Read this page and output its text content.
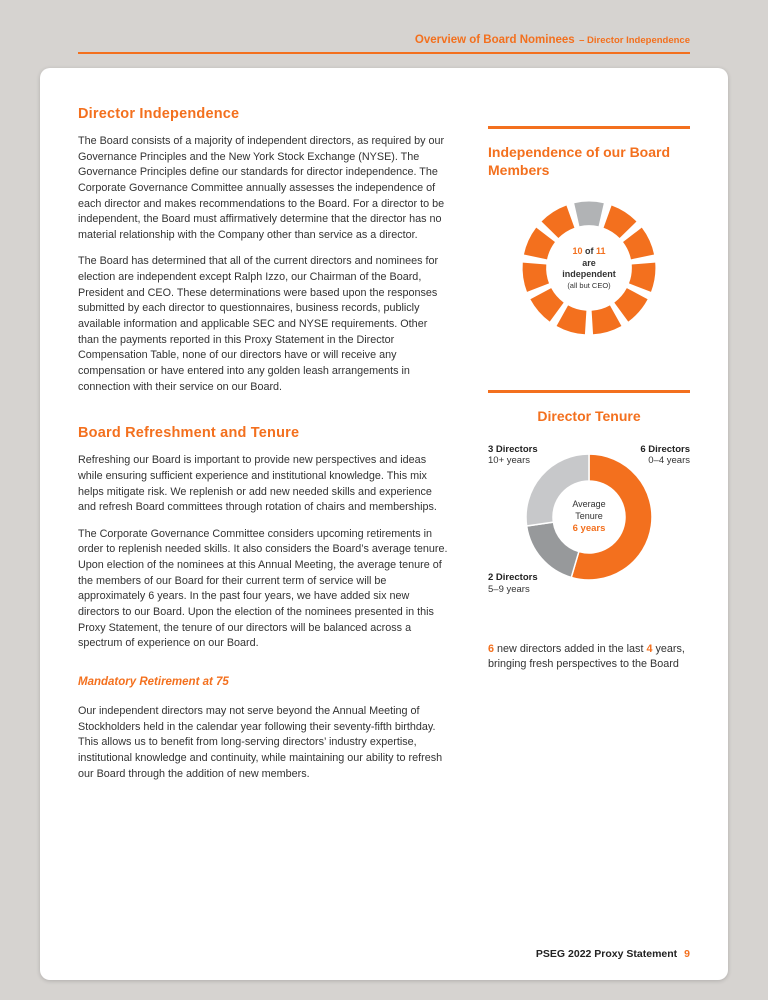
Overview of Board Nominees – Director Independence
Director Independence

The Board consists of a majority of independent directors, as required by our Governance Principles and the New York Stock Exchange (NYSE). The Governance Principles define our standards for director independence. The Corporate Governance Committee annually assesses the independence of each director and makes recommendations to the Board. For a director to be independent, the Board must affirmatively determine that the director has no material relationship with the Company other than service as a director.

The Board has determined that all of the current directors and nominees for election are independent except Ralph Izzo, our Chairman of the Board, President and CEO. These determinations were based upon the responses submitted by each director to questionnaires, business records, publicly available information and applicable SEC and NYSE requirements. Other than the payments reported in this Proxy Statement in the Director Compensation Table, none of our directors have or will receive any compensation or have entered into any golden leash arrangements in connection with their service on our Board.

Board Refreshment and Tenure

Refreshing our Board is important to provide new perspectives and ideas while ensuring sufficient experience and institutional knowledge. This mix helps mitigate risk. We replenish or add new needed skills and experience and refresh Board committees through rotation of chairs and memberships.

The Corporate Governance Committee considers upcoming retirements in order to replenish needed skills. It also considers the Board’s average tenure. Upon election of the nominees at this Annual Meeting, the average tenure of the members of our Board for their current term of service will be approximately 6 years. In the past four years, we have added six new directors to our Board. Upon the election of the nominees presented in this Proxy Statement, the tenure of our directors will be balanced across a spectrum of experience on our Board.

Mandatory Retirement at 75

Our independent directors may not serve beyond the Annual Meeting of Stockholders held in the calendar year following their seventy-fifth birthday. This allows us to benefit from long-serving directors’ industry expertise, institutional knowledge and continuity, while maintaining our ability to refresh our Board through the addition of new members.

Independence of our Board Members
10 of 11
are
independent
(all but CEO)
Director Tenure
3 Directors
10+ years
6 Directors
0–4 years
2 Directors
5–9 years
Average
Tenure
6 years
6 new directors added in the last 4 years, bringing fresh perspectives to the Board
PSEG 2022 Proxy Statement 9
